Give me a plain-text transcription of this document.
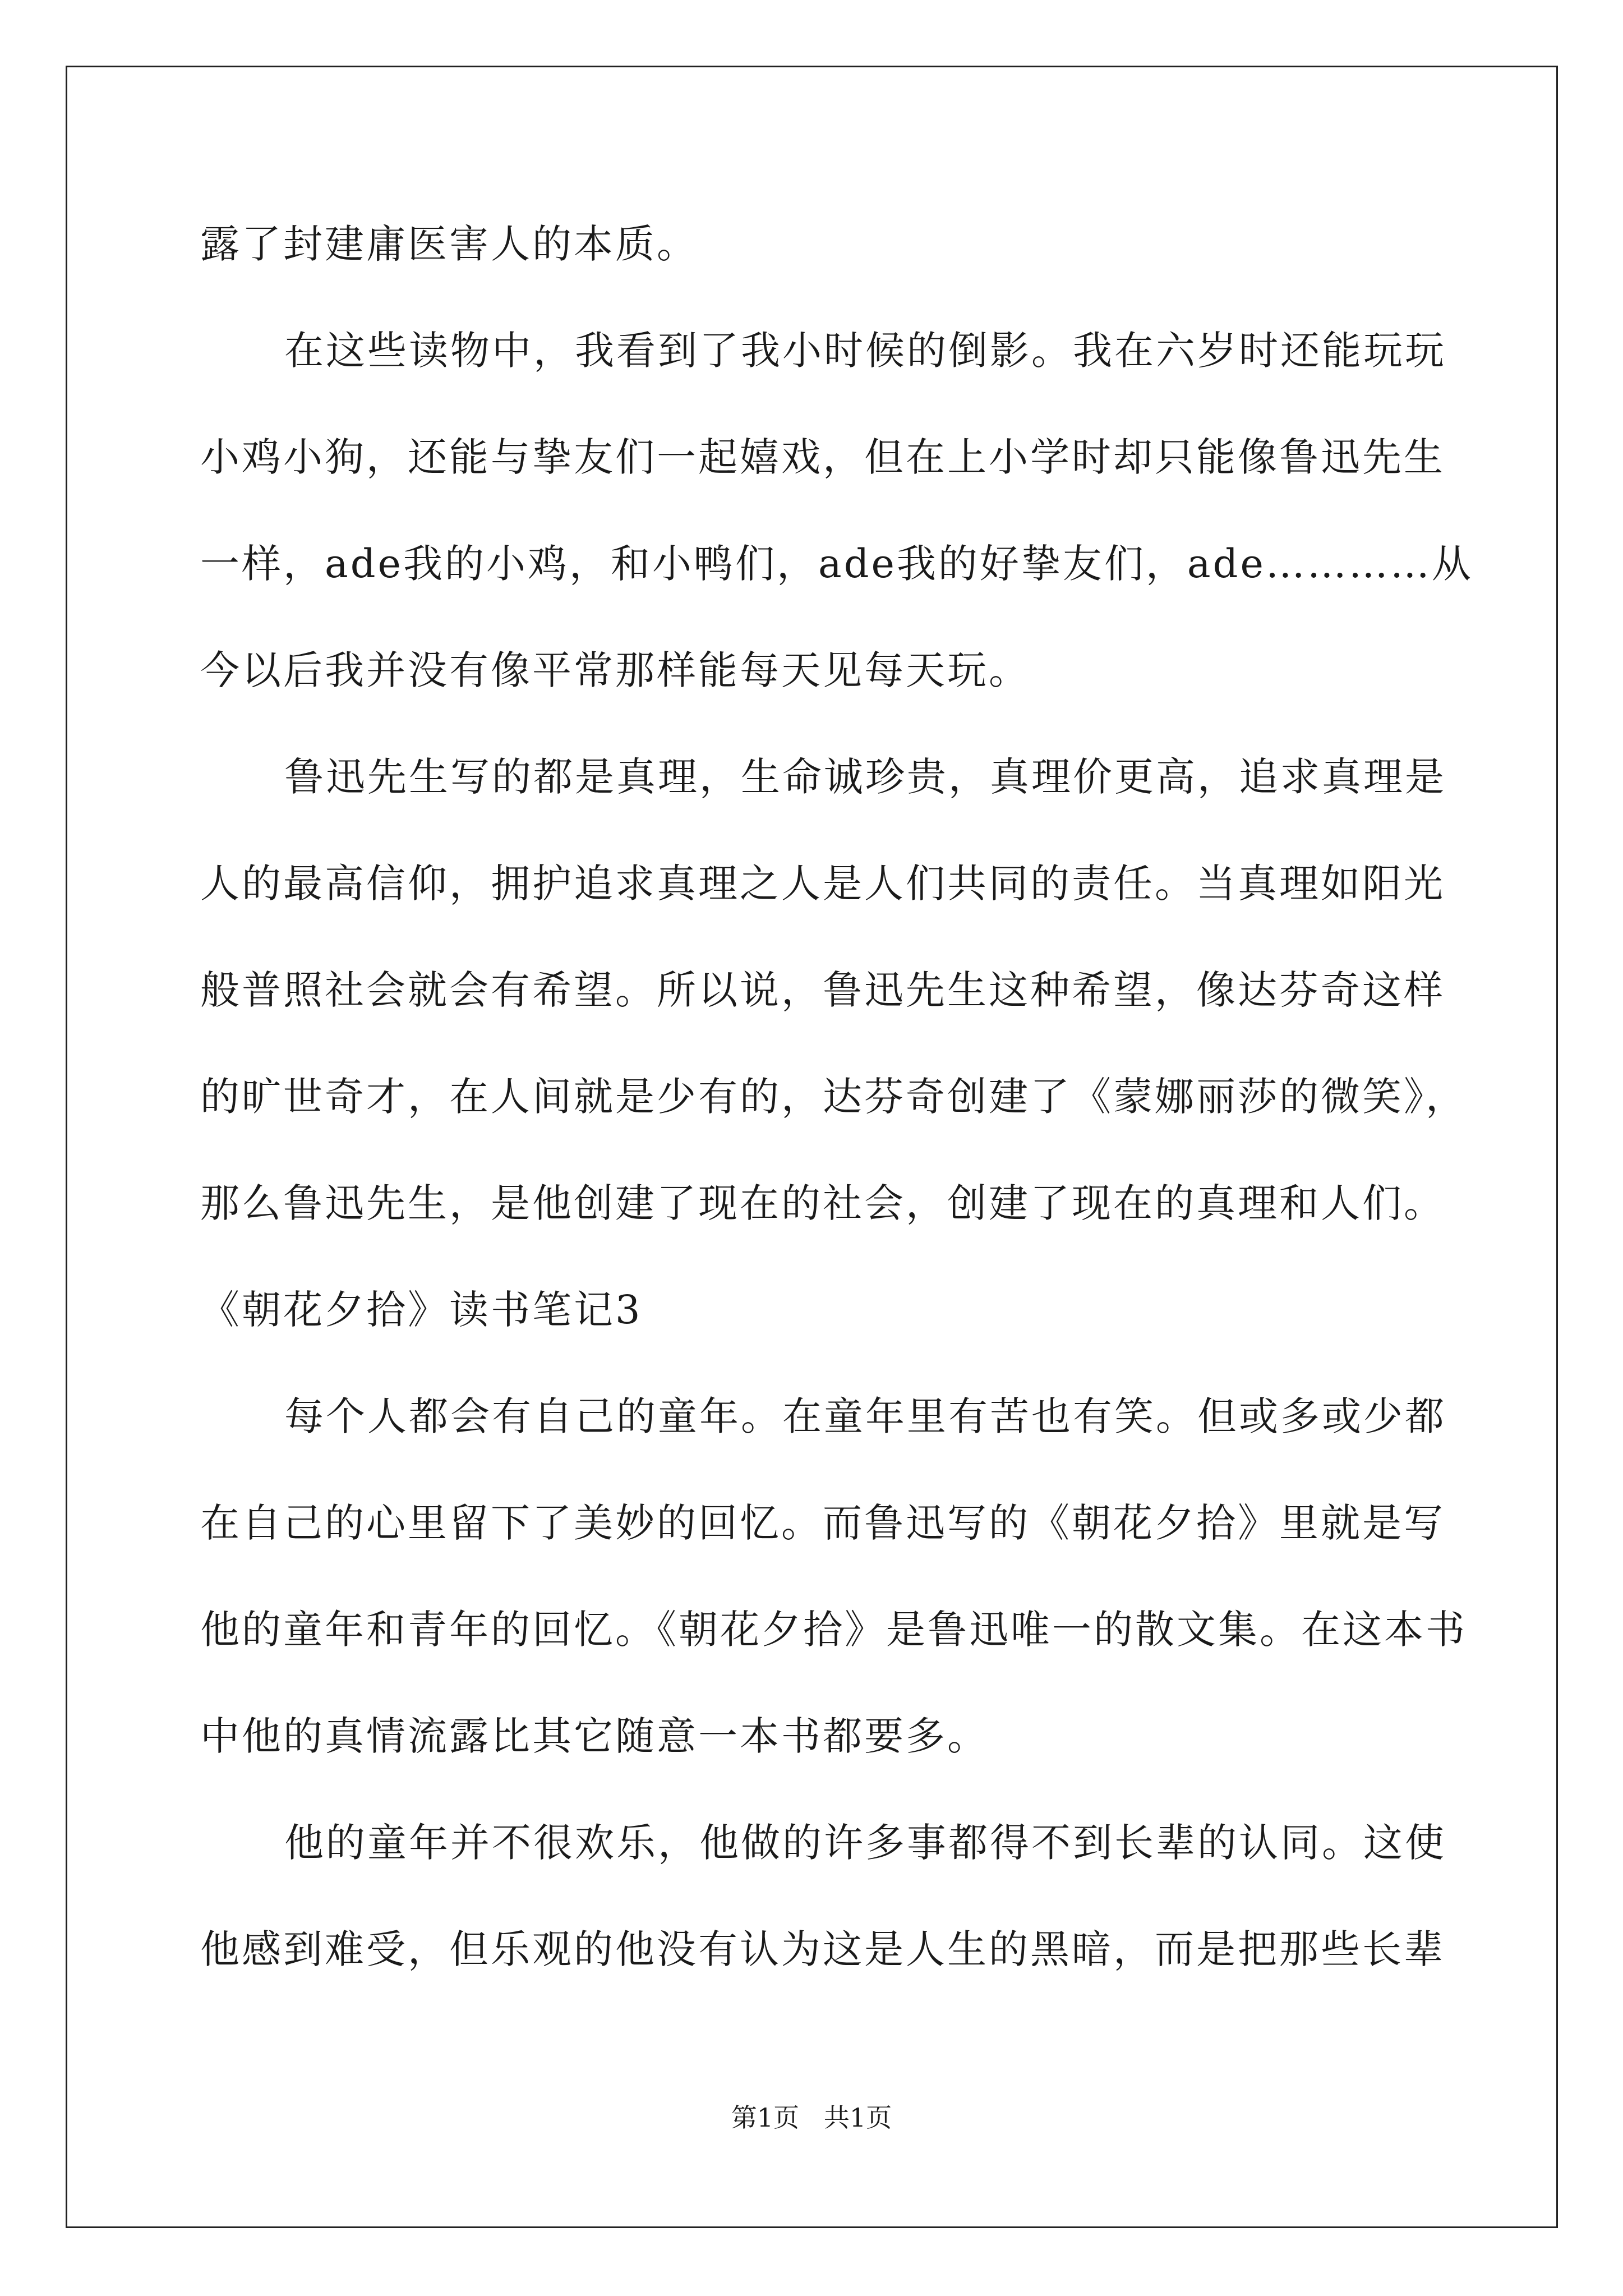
露了封建庸医害人的本质。
在这些读物中，我看到了我小时候的倒影。我在六岁时还能玩玩
小鸡小狗，还能与挚友们一起嬉戏，但在上小学时却只能像鲁迅先生
一样，ade我的小鸡，和小鸭们，ade我的好挚友们，ade…………从
今以后我并没有像平常那样能每天见每天玩。
鲁迅先生写的都是真理，生命诚珍贵，真理价更高，追求真理是
人的最高信仰，拥护追求真理之人是人们共同的责任。当真理如阳光
般普照社会就会有希望。所以说，鲁迅先生这种希望，像达芬奇这样
的旷世奇才，在人间就是少有的，达芬奇创建了《蒙娜丽莎的微笑》，
那么鲁迅先生，是他创建了现在的社会，创建了现在的真理和人们。
《朝花夕拾》读书笔记3
每个人都会有自己的童年。在童年里有苦也有笑。但或多或少都
在自己的心里留下了美妙的回忆。而鲁迅写的《朝花夕拾》里就是写
他的童年和青年的回忆。《朝花夕拾》是鲁迅唯一的散文集。在这本书
中他的真情流露比其它随意一本书都要多。
他的童年并不很欢乐，他做的许多事都得不到长辈的认同。这使
他感到难受，但乐观的他没有认为这是人生的黑暗，而是把那些长辈
第1页   共1页
